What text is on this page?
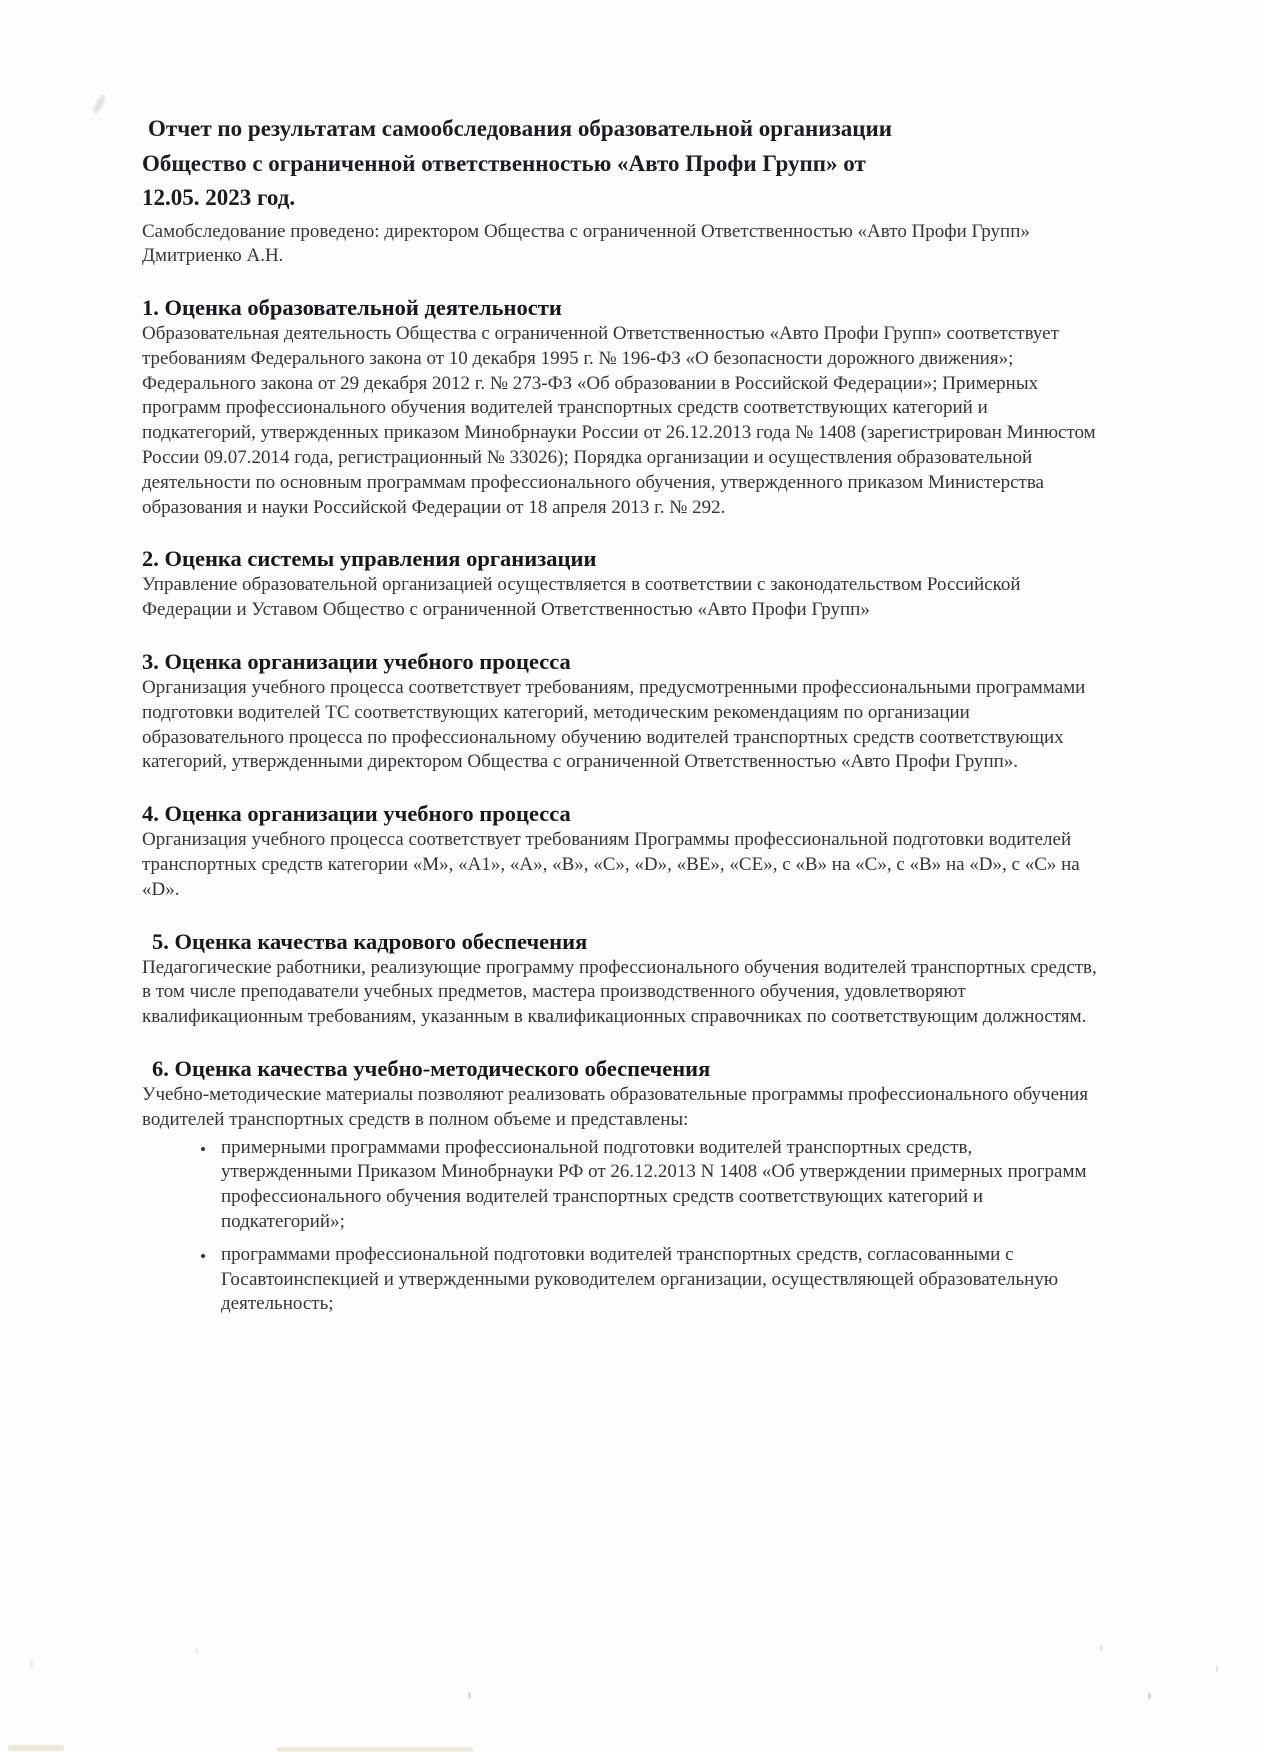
Отчет по результатам самообследования образовательной организации
Общество с ограниченной ответственностью «Авто Профи Групп» от
12.05. 2023 год.

Самобследование проведено: директором Общества с ограниченной Ответственностью «Авто Профи Групп» Дмитриенко А.Н.

1. Оценка образовательной деятельности

Образовательная деятельность Общества с ограниченной Ответственностью «Авто Профи Групп» соответствует требованиям Федерального закона от 10 декабря 1995 г. № 196-ФЗ «О безопасности дорожного движения»; Федерального закона от 29 декабря 2012 г. № 273-ФЗ «Об образовании в Российской Федерации»; Примерных программ профессионального обучения водителей транспортных средств соответствующих категорий и подкатегорий, утвержденных приказом Минобрнауки России от 26.12.2013 года № 1408 (зарегистрирован Минюстом России 09.07.2014 года, регистрационный № 33026); Порядка организации и осуществления образовательной деятельности по основным программам профессионального обучения, утвержденного приказом Министерства образования и науки Российской Федерации от 18 апреля 2013 г. № 292.

2. Оценка системы управления организации

Управление образовательной организацией осуществляется в соответствии с законодательством Российской Федерации и Уставом Общество с ограниченной Ответственностью «Авто Профи Групп»

3. Оценка организации учебного процесса

Организация учебного процесса соответствует требованиям, предусмотренными профессиональными программами подготовки водителей ТС соответствующих категорий, методическим рекомендациям по организации образовательного процесса по профессиональному обучению водителей транспортных средств соответствующих категорий, утвержденными директором Общества с ограниченной Ответственностью «Авто Профи Групп».

4. Оценка организации учебного процесса

Организация учебного процесса соответствует требованиям Программы профессиональной подготовки водителей транспортных средств категории «М», «А1», «А», «В», «С», «D», «ВЕ», «СЕ», с «В» на «С», с «В» на «D», с «С» на «D».

5. Оценка качества кадрового обеспечения

Педагогические работники, реализующие программу профессионального обучения водителей транспортных средств, в том числе преподаватели учебных предметов, мастера производственного обучения, удовлетворяют квалификационным требованиям, указанным в квалификационных справочниках по соответствующим должностям.

6. Оценка качества учебно-методического обеспечения

Учебно-методические материалы позволяют реализовать образовательные программы профессионального обучения водителей транспортных средств в полном объеме и представлены:

• примерными программами профессиональной подготовки водителей транспортных средств, утвержденными Приказом Минобрнауки РФ от 26.12.2013 N 1408 «Об утверждении примерных программ профессионального обучения водителей транспортных средств соответствующих категорий и подкатегорий»;
• программами профессиональной подготовки водителей транспортных средств, согласованными с Госавтоинспекцией и утвержденными руководителем организации, осуществляющей образовательную деятельность;
